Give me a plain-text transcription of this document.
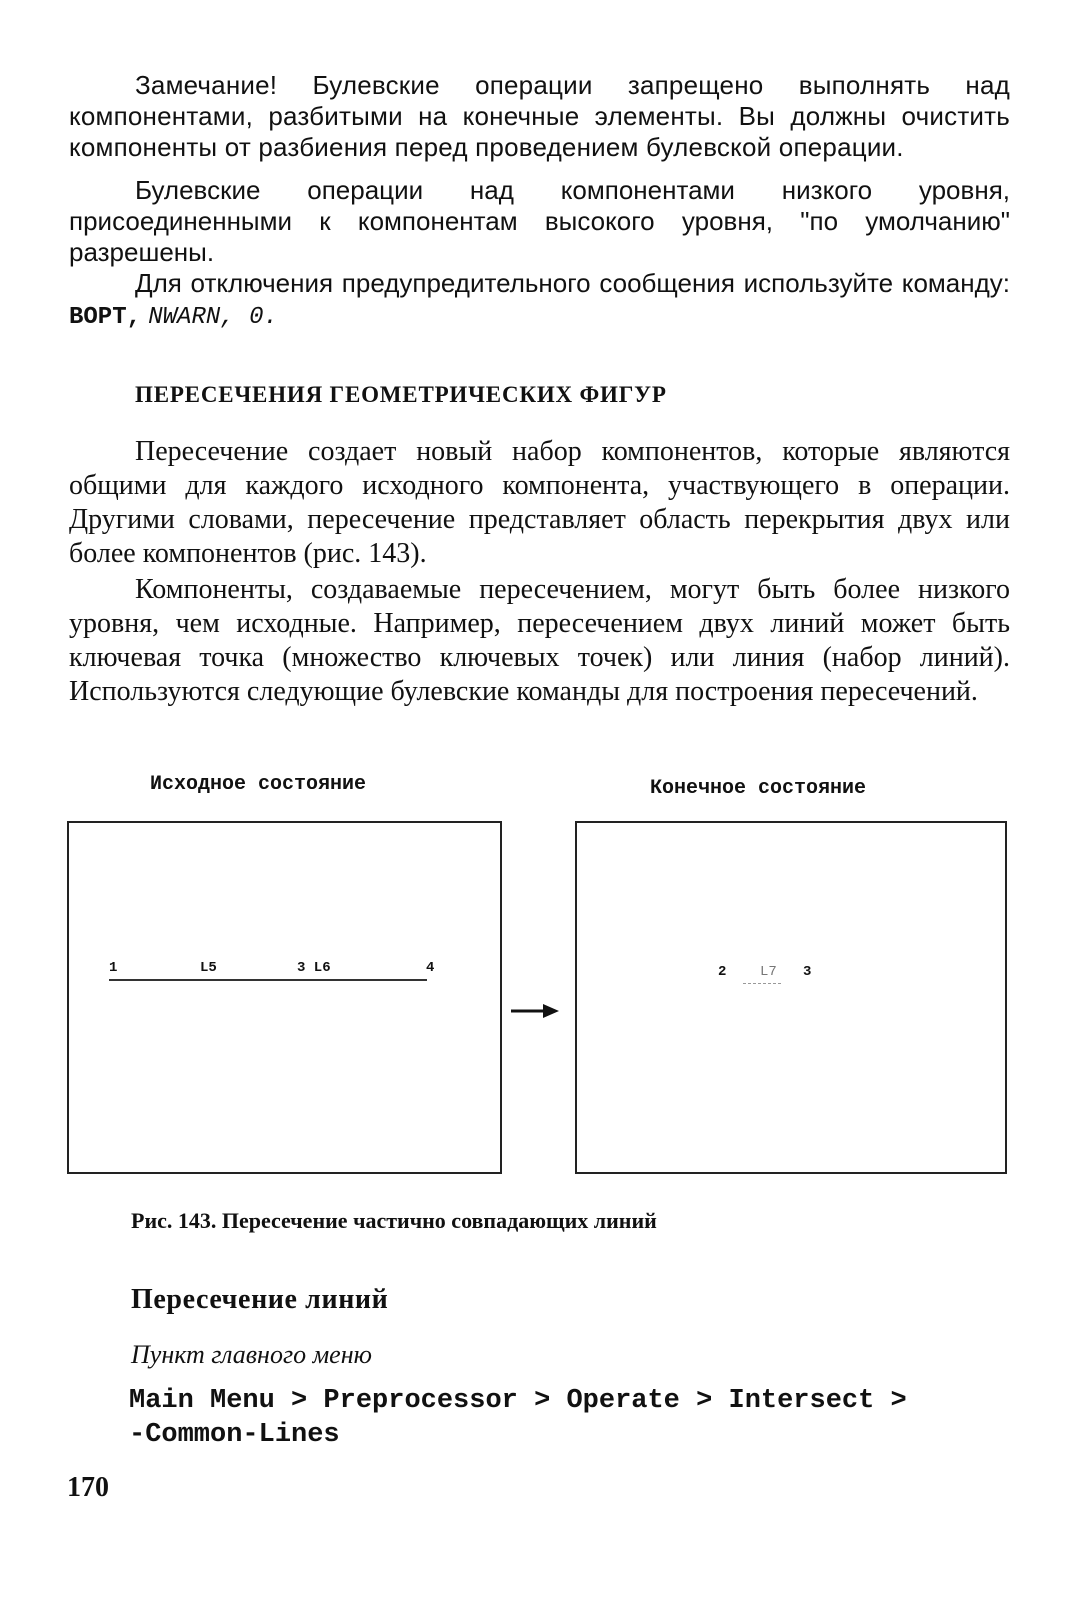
Замечание! Булевские операции запрещено выполнять над компонентами, разбитыми на конечные элементы. Вы должны очистить компоненты от разбиения перед проведением булевской операции.

Булевские операции над компонентами низкого уровня, присоединенными к компонентам высокого уровня, "по умолчанию" разрешены.

Для отключения предупредительного сообщения используйте команду: BOPT, NWARN, 0.

ПЕРЕСЕЧЕНИЯ ГЕОМЕТРИЧЕСКИХ ФИГУР

Пересечение создает новый набор компонентов, которые являются общими для каждого исходного компонента, участвующего в операции. Другими словами, пересечение представляет область перекрытия двух или более компонентов (рис. 143).

Компоненты, создаваемые пересечением, могут быть более низкого уровня, чем исходные. Например, пересечением двух линий может быть ключевая точка (множество ключевых точек) или линия (набор линий). Используются следующие булевские команды для построения пересечений.

Исходное состояние	Конечное состояние
1	L5	3 L6	4	2 L7 3
Рис. 143. Пересечение частично совпадающих линий
Пересечение линий
Пункт главного меню
Main Menu > Preprocessor > Operate > Intersect >
-Common-Lines
170
